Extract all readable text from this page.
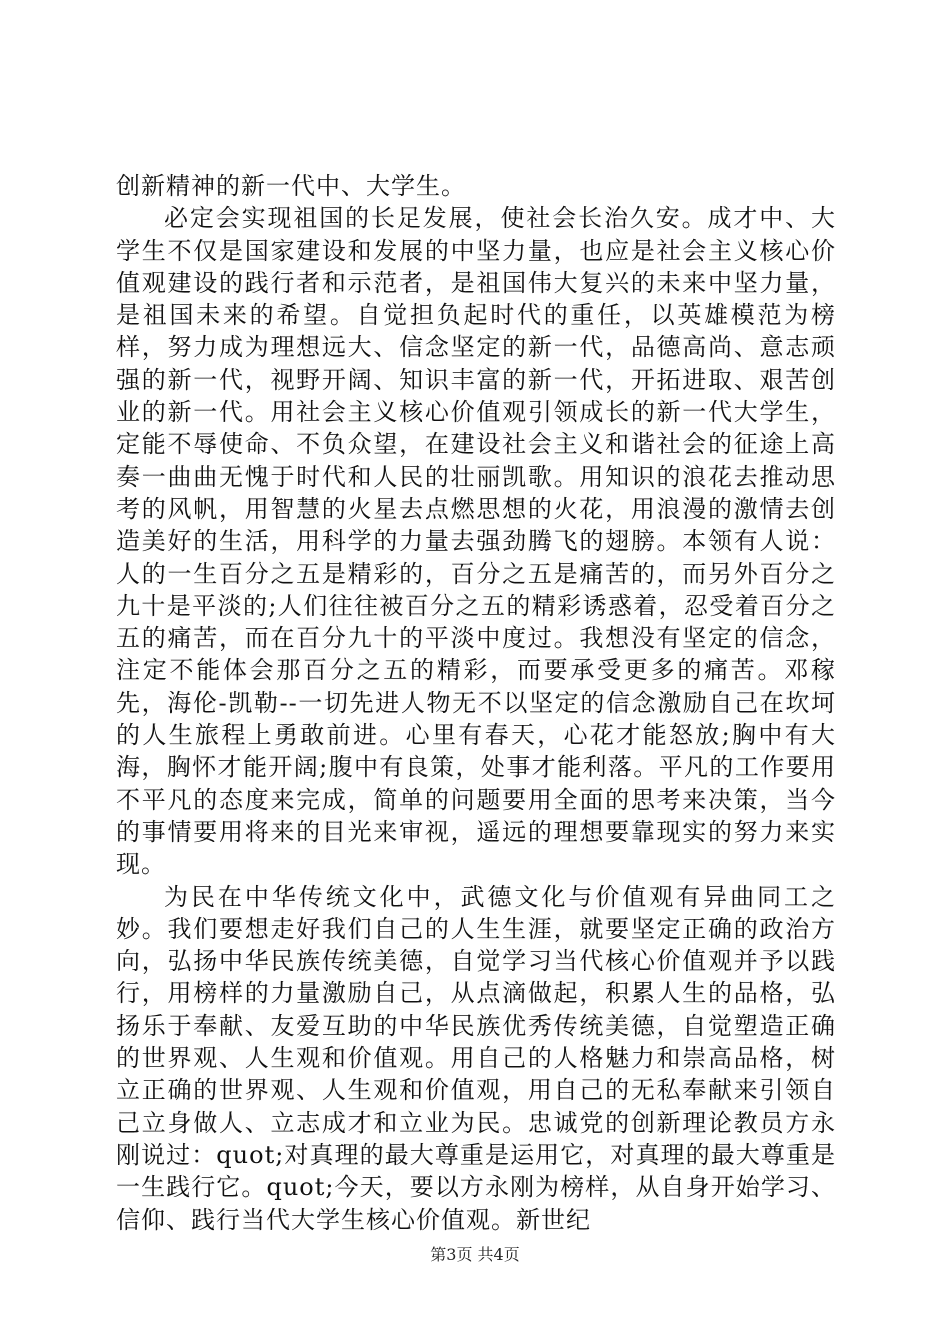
创新精神的新一代中、大学生。

必定会实现祖国的长足发展，使社会长治久安。成才中、大学生不仅是国家建设和发展的中坚力量，也应是社会主义核心价值观建设的践行者和示范者，是祖国伟大复兴的未来中坚力量，是祖国未来的希望。自觉担负起时代的重任，以英雄模范为榜样，努力成为理想远大、信念坚定的新一代，品德高尚、意志顽强的新一代，视野开阔、知识丰富的新一代，开拓进取、艰苦创业的新一代。用社会主义核心价值观引领成长的新一代大学生，定能不辱使命、不负众望，在建设社会主义和谐社会的征途上高奏一曲曲无愧于时代和人民的壮丽凯歌。用知识的浪花去推动思考的风帆，用智慧的火星去点燃思想的火花，用浪漫的激情去创造美好的生活，用科学的力量去强劲腾飞的翅膀。本领有人说：人的一生百分之五是精彩的，百分之五是痛苦的，而另外百分之九十是平淡的;人们往往被百分之五的精彩诱惑着，忍受着百分之五的痛苦，而在百分九十的平淡中度过。我想没有坚定的信念，注定不能体会那百分之五的精彩，而要承受更多的痛苦。邓稼先，海伦-凯勒--一切先进人物无不以坚定的信念激励自己在坎坷的人生旅程上勇敢前进。心里有春天，心花才能怒放;胸中有大海，胸怀才能开阔;腹中有良策，处事才能利落。平凡的工作要用不平凡的态度来完成，简单的问题要用全面的思考来决策，当今的事情要用将来的目光来审视，遥远的理想要靠现实的努力来实现。

为民在中华传统文化中，武德文化与价值观有异曲同工之妙。我们要想走好我们自己的人生生涯，就要坚定正确的政治方向，弘扬中华民族传统美德，自觉学习当代核心价值观并予以践行，用榜样的力量激励自己，从点滴做起，积累人生的品格，弘扬乐于奉献、友爱互助的中华民族优秀传统美德，自觉塑造正确的世界观、人生观和价值观。用自己的人格魅力和崇高品格，树立正确的世界观、人生观和价值观，用自己的无私奉献来引领自己立身做人、立志成才和立业为民。忠诚党的创新理论教员方永刚说过：quot;对真理的最大尊重是运用它，对真理的最大尊重是一生践行它。quot;今天，要以方永刚为榜样，从自身开始学习、信仰、践行当代大学生核心价值观。新世纪

第3页 共4页
